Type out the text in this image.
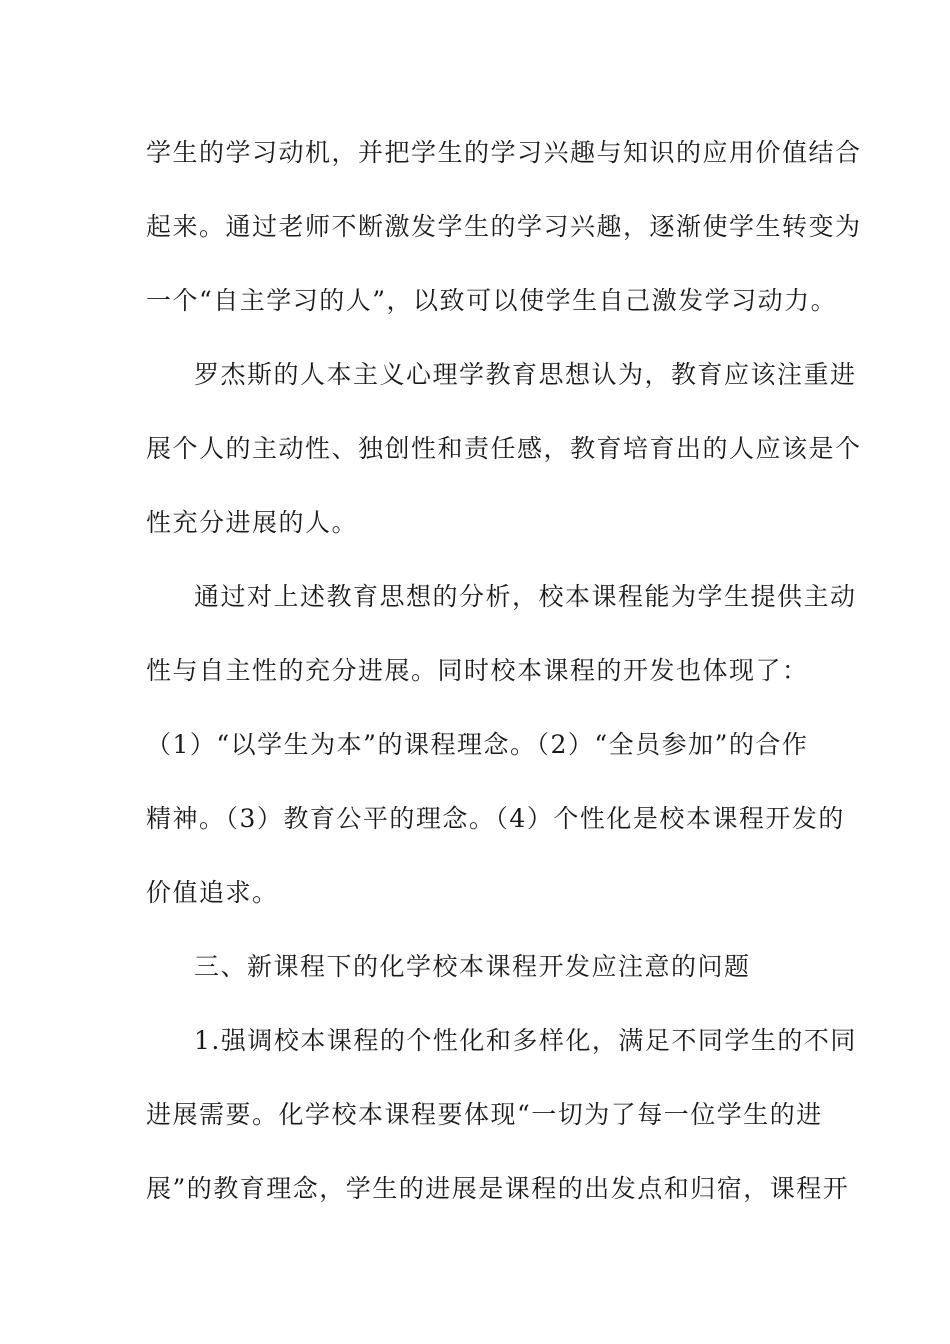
学生的学习动机，并把学生的学习兴趣与知识的应用价值结合
起来。通过老师不断激发学生的学习兴趣，逐渐使学生转变为
一个“自主学习的人”，以致可以使学生自己激发学习动力。
罗杰斯的人本主义心理学教育思想认为，教育应该注重进
展个人的主动性、独创性和责任感，教育培育出的人应该是个
性充分进展的人。
通过对上述教育思想的分析，校本课程能为学生提供主动
性与自主性的充分进展。同时校本课程的开发也体现了：
（1）“以学生为本”的课程理念。（2）“全员参加”的合作
精神。（3）教育公平的理念。（4）个性化是校本课程开发的
价值追求。
三、新课程下的化学校本课程开发应注意的问题
1.强调校本课程的个性化和多样化，满足不同学生的不同
进展需要。化学校本课程要体现“一切为了每一位学生的进
展”的教育理念，学生的进展是课程的出发点和归宿，课程开
